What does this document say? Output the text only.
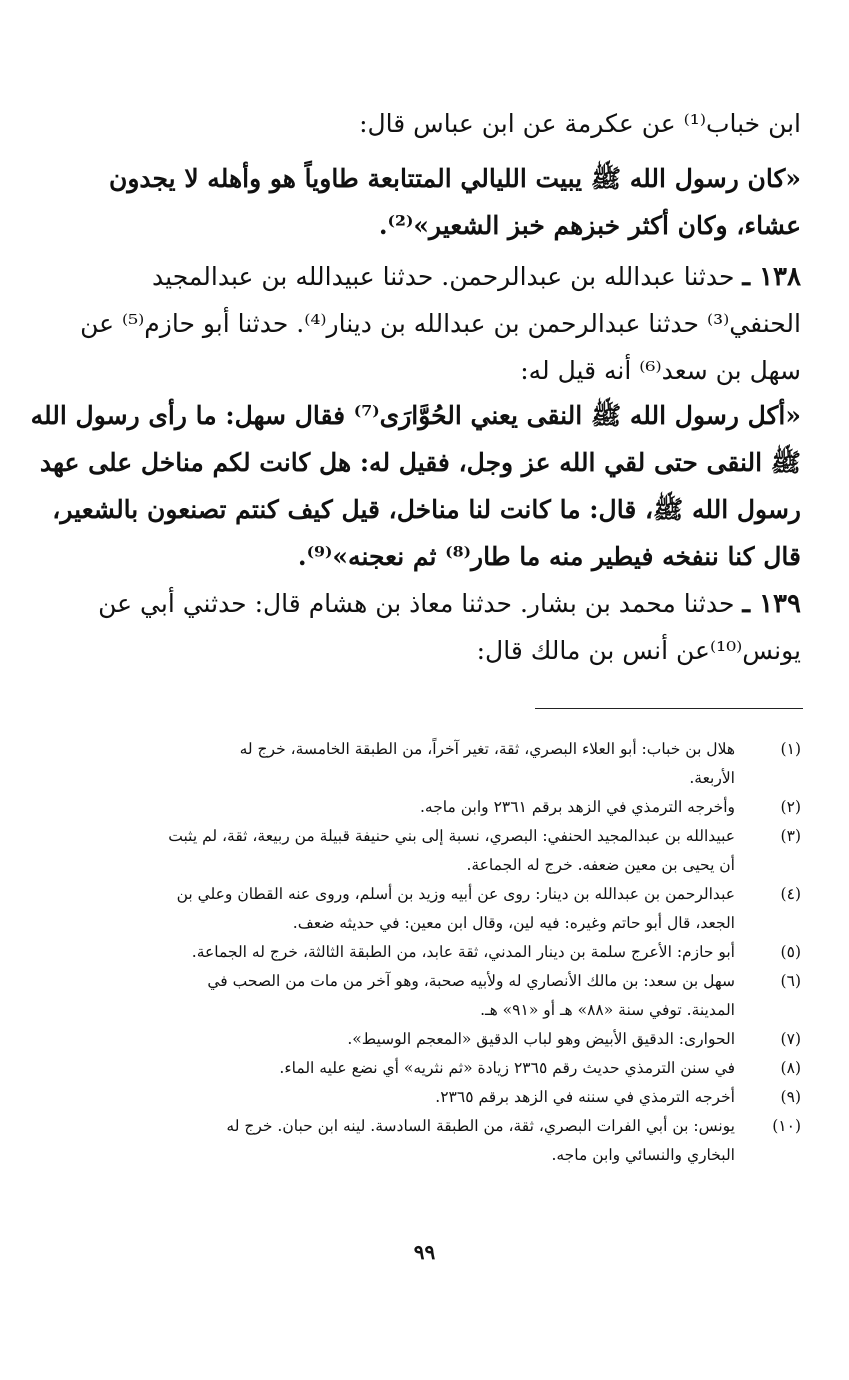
ابن خباب⁽¹⁾ عن عكرمة عن ابن عباس قال:
«كان رسول الله ﷺ يبيت الليالي المتتابعة طاوياً هو وأهله لا يجدون
عشاء، وكان أكثر خبزهم خبز الشعير»⁽²⁾.
١٣٨ ـ حدثنا عبدالله بن عبدالرحمن. حدثنا عبيدالله بن عبدالمجيد
الحنفي⁽³⁾ حدثنا عبدالرحمن بن عبدالله بن دينار⁽⁴⁾. حدثنا أبو حازم⁽⁵⁾ عن
سهل بن سعد⁽⁶⁾ أنه قيل له:
«أكل رسول الله ﷺ النقى يعني الحُوَّارَى⁽⁷⁾ فقال سهل: ما رأى رسول الله
ﷺ النقى حتى لقي الله عز وجل، فقيل له: هل كانت لكم مناخل على عهد
رسول الله ﷺ، قال: ما كانت لنا مناخل، قيل كيف كنتم تصنعون بالشعير،
قال كنا ننفخه فيطير منه ما طار⁽⁸⁾ ثم نعجنه»⁽⁹⁾.
١٣٩ ـ حدثنا محمد بن بشار. حدثنا معاذ بن هشام قال: حدثني أبي عن
يونس⁽¹⁰⁾عن أنس بن مالك قال:
(١)
هلال بن خباب: أبو العلاء البصري، ثقة، تغير آخراً، من الطبقة الخامسة، خرج له
الأربعة.
(٢)
وأخرجه الترمذي في الزهد برقم ٢٣٦١ وابن ماجه.
(٣)
عبيدالله بن عبدالمجيد الحنفي: البصري، نسبة إلى بني حنيفة قبيلة من ربيعة، ثقة، لم يثبت
أن يحيى بن معين ضعفه. خرج له الجماعة.
(٤)
عبدالرحمن بن عبدالله بن دينار: روى عن أبيه وزيد بن أسلم، وروى عنه القطان وعلي بن
الجعد، قال أبو حاتم وغيره: فيه لين، وقال ابن معين: في حديثه ضعف.
(٥)
أبو حازم: الأعرج سلمة بن دينار المدني، ثقة عابد، من الطبقة الثالثة، خرج له الجماعة.
(٦)
سهل بن سعد: بن مالك الأنصاري له ولأبيه صحبة، وهو آخر من مات من الصحب في
المدينة. توفي سنة «٨٨» هـ أو «٩١» هـ.
(٧)
الحوارى: الدقيق الأبيض وهو لباب الدقيق «المعجم الوسيط».
(٨)
في سنن الترمذي حديث رقم ٢٣٦٥ زيادة «ثم نثريه» أي نضع عليه الماء.
(٩)
أخرجه الترمذي في سننه في الزهد برقم ٢٣٦٥.
(١٠)
يونس: بن أبي الفرات البصري، ثقة، من الطبقة السادسة. لينه ابن حبان. خرج له
البخاري والنسائي وابن ماجه.
٩٩
